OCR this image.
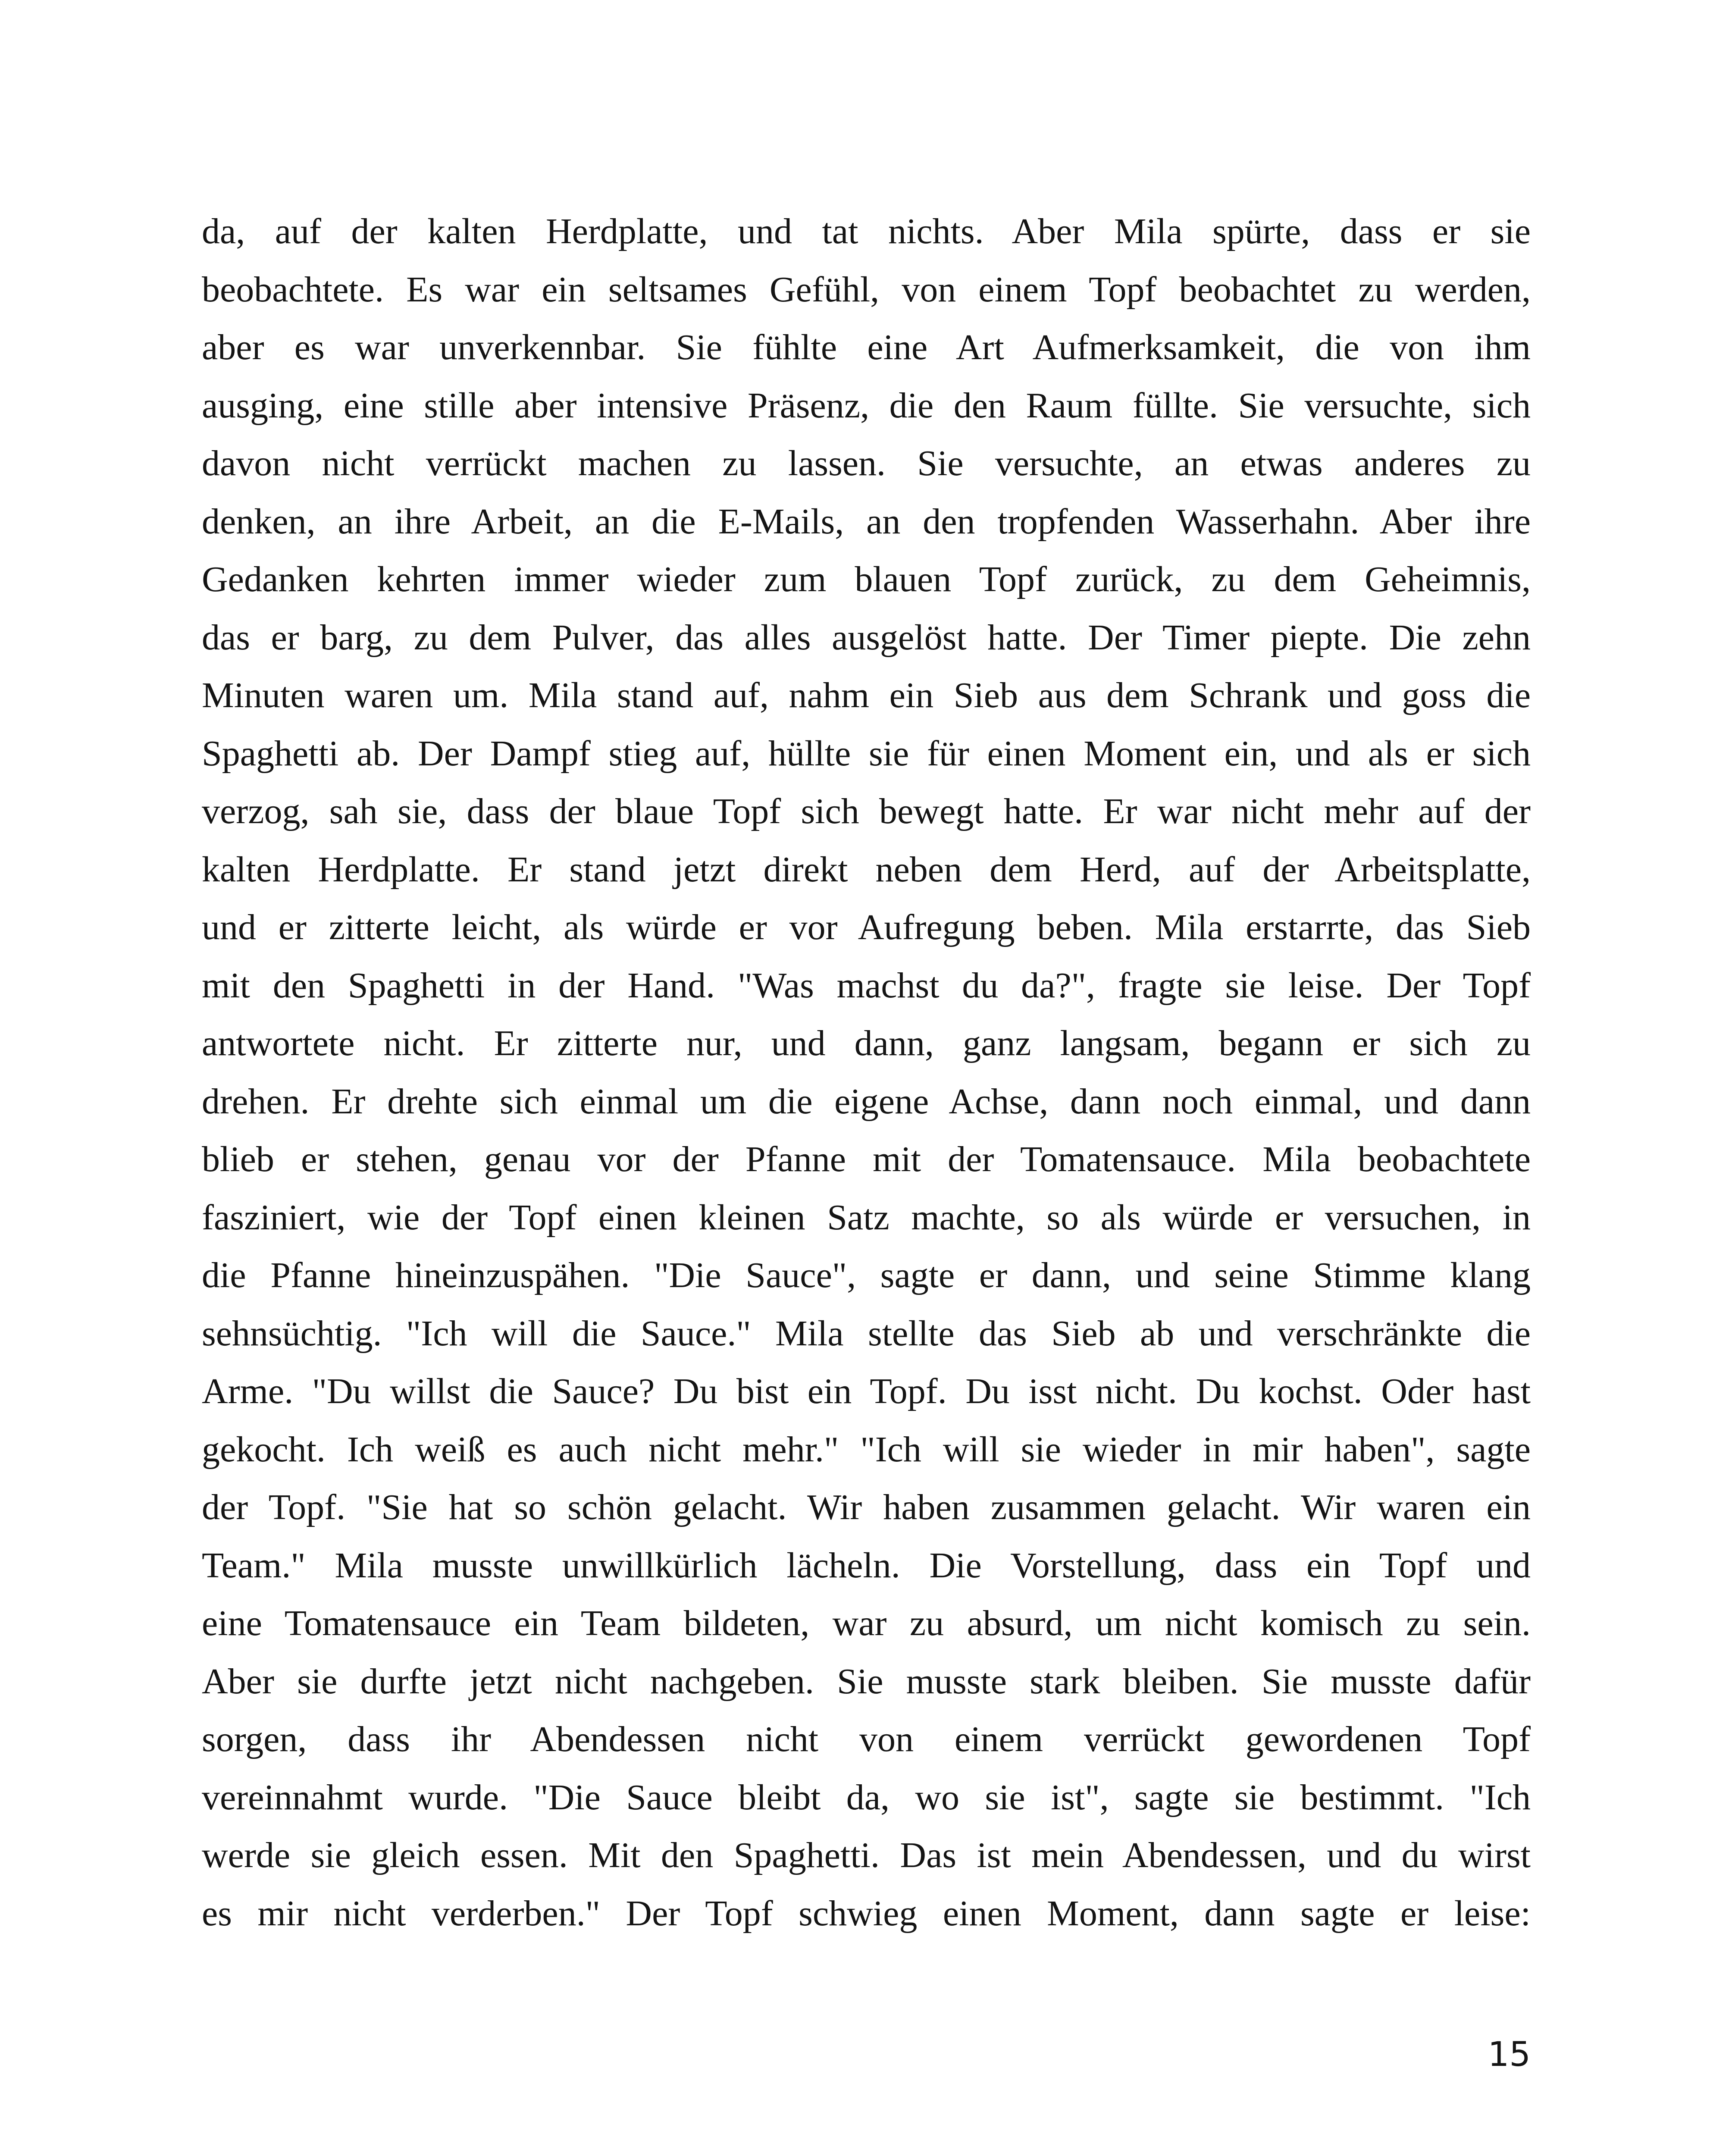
da, auf der kalten Herdplatte, und tat nichts. Aber Mila spürte, dass er sie
beobachtete. Es war ein seltsames Gefühl, von einem Topf beobachtet zu werden,
aber es war unverkennbar. Sie fühlte eine Art Aufmerksamkeit, die von ihm
ausging, eine stille aber intensive Präsenz, die den Raum füllte. Sie versuchte, sich
davon nicht verrückt machen zu lassen. Sie versuchte, an etwas anderes zu
denken, an ihre Arbeit, an die E-Mails, an den tropfenden Wasserhahn. Aber ihre
Gedanken kehrten immer wieder zum blauen Topf zurück, zu dem Geheimnis,
das er barg, zu dem Pulver, das alles ausgelöst hatte. Der Timer piepte. Die zehn
Minuten waren um. Mila stand auf, nahm ein Sieb aus dem Schrank und goss die
Spaghetti ab. Der Dampf stieg auf, hüllte sie für einen Moment ein, und als er sich
verzog, sah sie, dass der blaue Topf sich bewegt hatte. Er war nicht mehr auf der
kalten Herdplatte. Er stand jetzt direkt neben dem Herd, auf der Arbeitsplatte,
und er zitterte leicht, als würde er vor Aufregung beben. Mila erstarrte, das Sieb
mit den Spaghetti in der Hand. "Was machst du da?", fragte sie leise. Der Topf
antwortete nicht. Er zitterte nur, und dann, ganz langsam, begann er sich zu
drehen. Er drehte sich einmal um die eigene Achse, dann noch einmal, und dann
blieb er stehen, genau vor der Pfanne mit der Tomatensauce. Mila beobachtete
fasziniert, wie der Topf einen kleinen Satz machte, so als würde er versuchen, in
die Pfanne hineinzuspähen. "Die Sauce", sagte er dann, und seine Stimme klang
sehnsüchtig. "Ich will die Sauce." Mila stellte das Sieb ab und verschränkte die
Arme. "Du willst die Sauce? Du bist ein Topf. Du isst nicht. Du kochst. Oder hast
gekocht. Ich weiß es auch nicht mehr." "Ich will sie wieder in mir haben", sagte
der Topf. "Sie hat so schön gelacht. Wir haben zusammen gelacht. Wir waren ein
Team." Mila musste unwillkürlich lächeln. Die Vorstellung, dass ein Topf und
eine Tomatensauce ein Team bildeten, war zu absurd, um nicht komisch zu sein.
Aber sie durfte jetzt nicht nachgeben. Sie musste stark bleiben. Sie musste dafür
sorgen, dass ihr Abendessen nicht von einem verrückt gewordenen Topf
vereinnahmt wurde. "Die Sauce bleibt da, wo sie ist", sagte sie bestimmt. "Ich
werde sie gleich essen. Mit den Spaghetti. Das ist mein Abendessen, und du wirst
es mir nicht verderben." Der Topf schwieg einen Moment, dann sagte er leise:
15
